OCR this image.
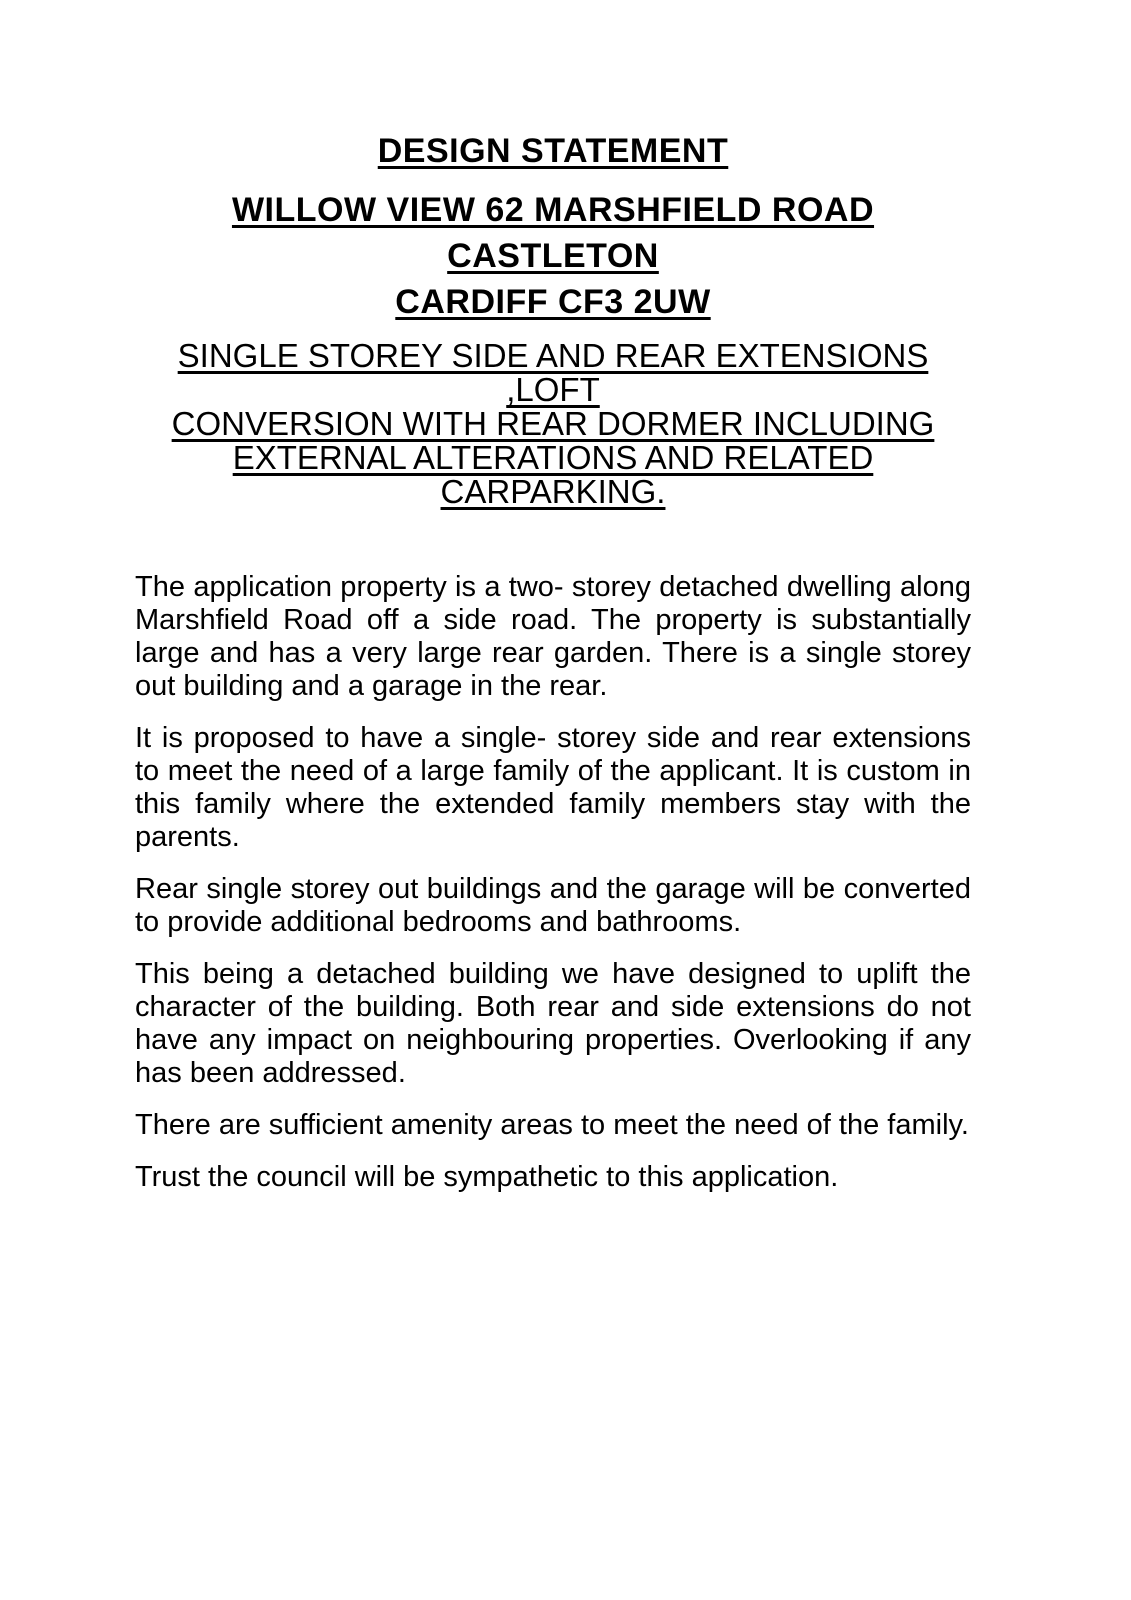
DESIGN STATEMENT
WILLOW VIEW 62 MARSHFIELD ROAD CASTLETON
CARDIFF CF3 2UW
SINGLE STOREY SIDE AND REAR EXTENSIONS ,LOFT
CONVERSION WITH REAR DORMER INCLUDING
EXTERNAL ALTERATIONS AND RELATED CARPARKING.

The application property is a two- storey detached dwelling along Marshfield Road off a side road. The property is substantially large and has a very large rear garden. There is a single storey out building and a garage in the rear.

It is proposed to have a single- storey side and rear extensions to meet the need of a large family of the applicant. It is custom in this family where the extended family members stay with the parents.

Rear single storey out buildings and the garage will be converted to provide additional bedrooms and bathrooms.

This being a detached building we have designed to uplift the character of the building. Both rear and side extensions do not have any impact on neighbouring properties. Overlooking if any has been addressed.

There are sufficient amenity areas to meet the need of the family.

Trust the council will be sympathetic to this application.
